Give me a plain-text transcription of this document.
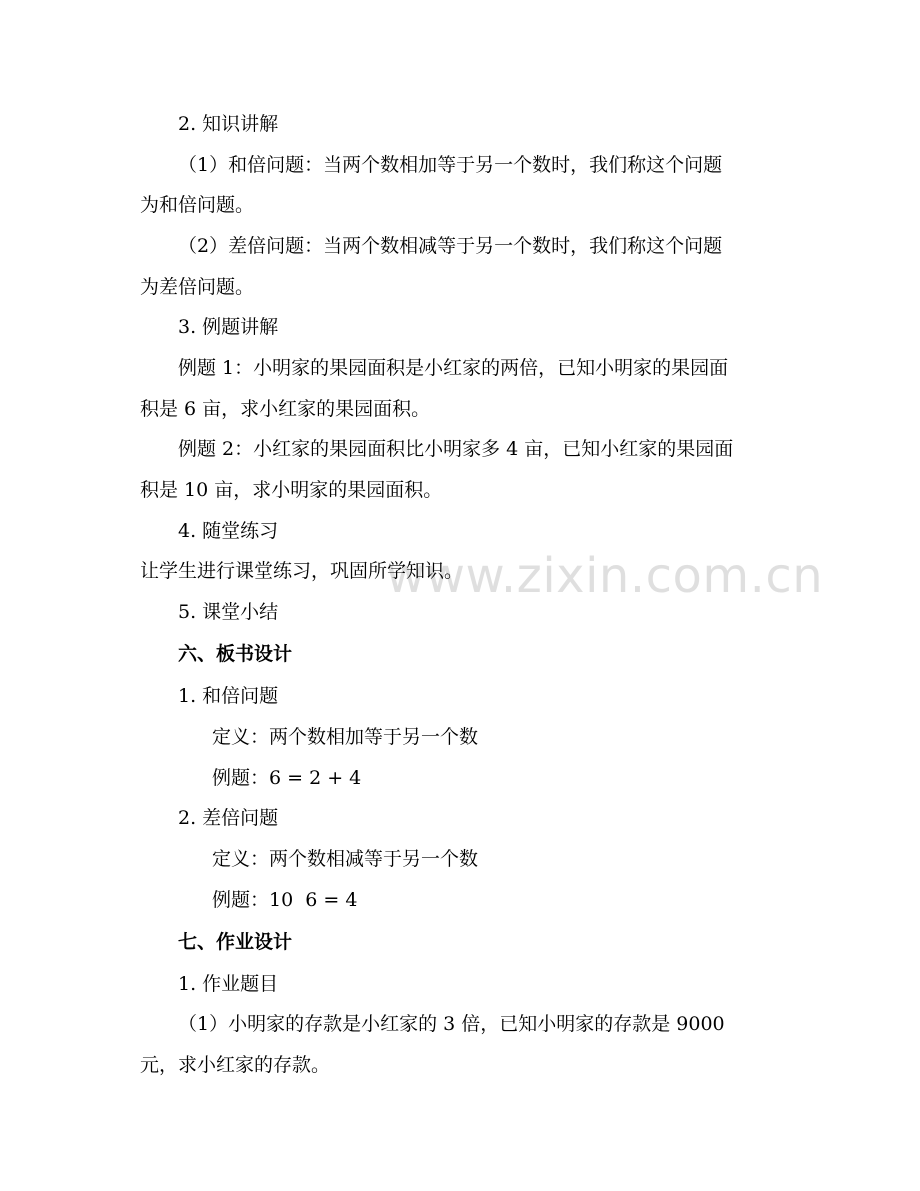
www.zixin.com.cn
2. 知识讲解
（1）和倍问题：当两个数相加等于另一个数时，我们称这个问题
为和倍问题。
（2）差倍问题：当两个数相减等于另一个数时，我们称这个问题
为差倍问题。
3. 例题讲解
例题 1：小明家的果园面积是小红家的两倍，已知小明家的果园面
积是 6 亩，求小红家的果园面积。
例题 2：小红家的果园面积比小明家多 4 亩，已知小红家的果园面
积是 10 亩，求小明家的果园面积。
4. 随堂练习
让学生进行课堂练习，巩固所学知识。
5. 课堂小结
六、板书设计
1. 和倍问题
定义：两个数相加等于另一个数
例题：6 = 2 + 4
2. 差倍问题
定义：两个数相减等于另一个数
例题：10  6 = 4
七、作业设计
1. 作业题目
（1）小明家的存款是小红家的 3 倍，已知小明家的存款是 9000
元，求小红家的存款。
